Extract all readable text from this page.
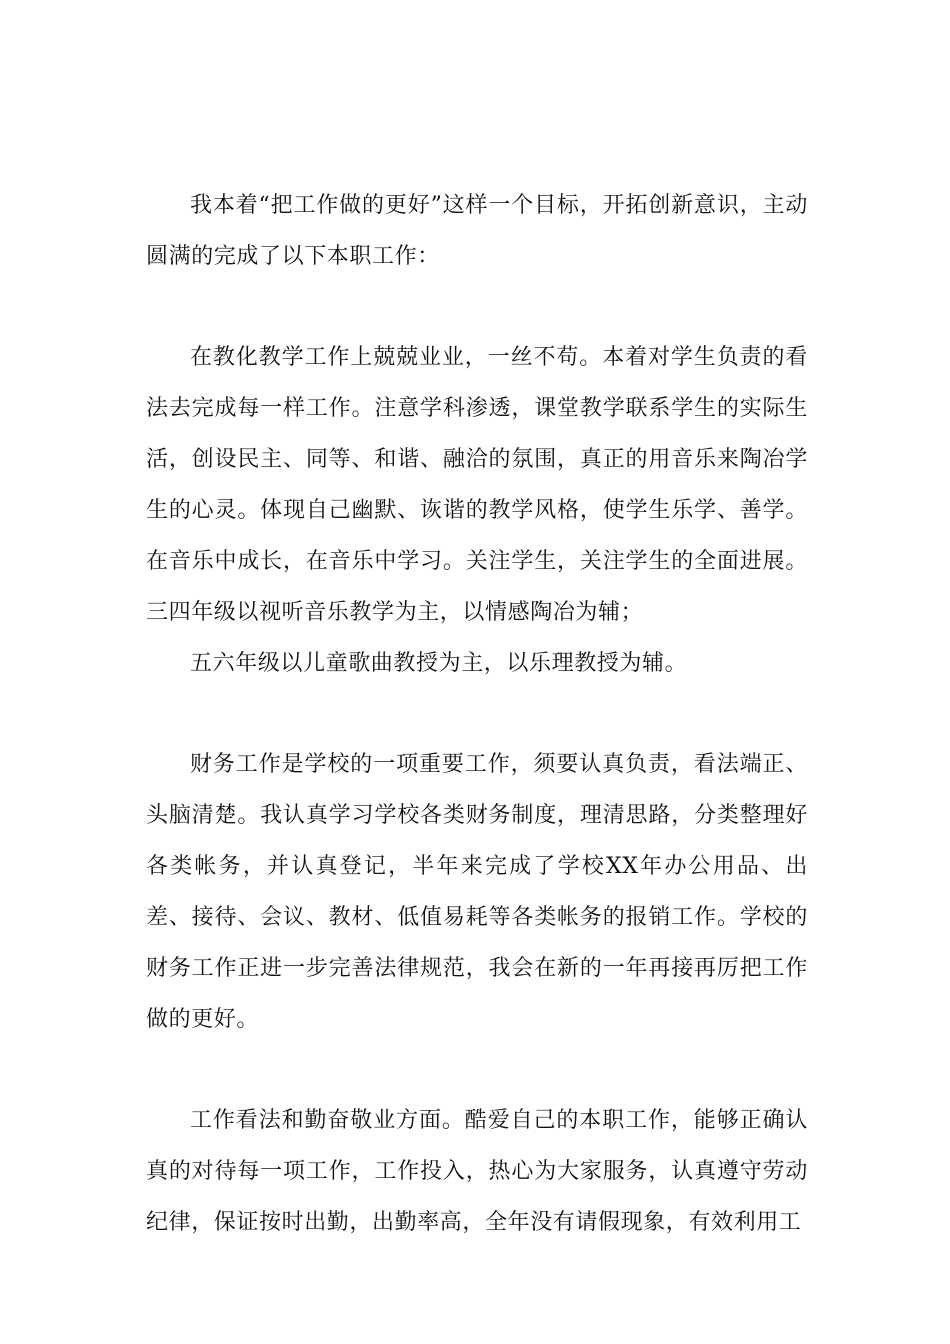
我本着“把工作做的更好”这样一个目标，开拓创新意识，主动圆满的完成了以下本职工作：

在教化教学工作上兢兢业业，一丝不苟。本着对学生负责的看法去完成每一样工作。注意学科渗透，课堂教学联系学生的实际生活，创设民主、同等、和谐、融洽的氛围，真正的用音乐来陶冶学生的心灵。体现自己幽默、诙谐的教学风格，使学生乐学、善学。在音乐中成长，在音乐中学习。关注学生，关注学生的全面进展。三四年级以视听音乐教学为主，以情感陶冶为辅；

五六年级以儿童歌曲教授为主，以乐理教授为辅。

财务工作是学校的一项重要工作，须要认真负责，看法端正、头脑清楚。我认真学习学校各类财务制度，理清思路，分类整理好各类帐务，并认真登记，半年来完成了学校XX年办公用品、出差、接待、会议、教材、低值易耗等各类帐务的报销工作。学校的财务工作正进一步完善法律规范，我会在新的一年再接再厉把工作做的更好。

工作看法和勤奋敬业方面。酷爱自己的本职工作，能够正确认真的对待每一项工作，工作投入，热心为大家服务，认真遵守劳动纪律，保证按时出勤，出勤率高，全年没有请假现象，有效利用工
